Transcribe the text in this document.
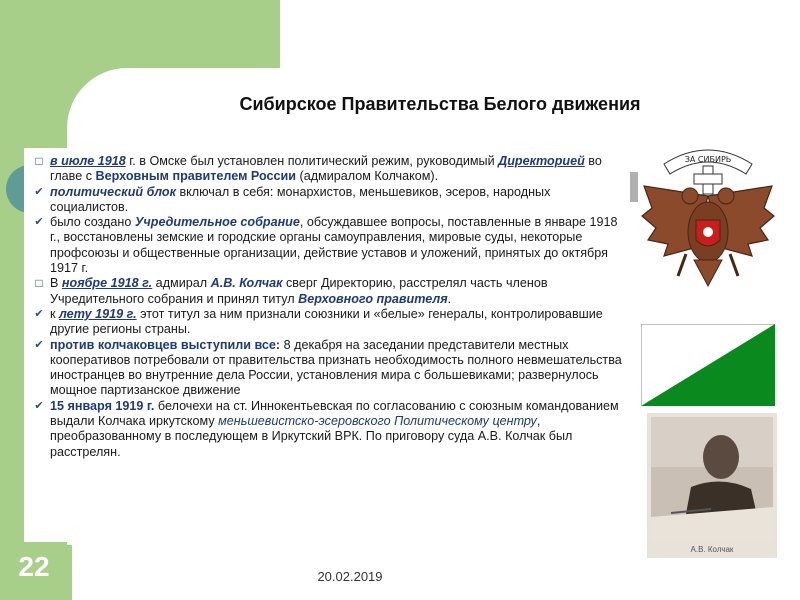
22
Сибирское Правительства Белого движения
□ в июле 1918 г. в Омске был установлен политический режим, руководимый Директорией во главе с Верховным правителем России (адмиралом Колчаком).
✔ политический блок включал в себя: монархистов, меньшевиков, эсеров, народных социалистов.
✔ было создано Учредительное собрание, обсуждавшее вопросы, поставленные в январе 1918 г., восстановлены земские и городские органы самоуправления, мировые суды, некоторые профсоюзы и общественные организации, действие уставов и уложений, принятых до октября 1917 г.
□ В ноябре 1918 г. адмирал А.В. Колчак сверг Директорию, расстрелял часть членов Учредительного собрания и принял титул Верховного правителя.
✔ к лету 1919 г. этот титул за ним признали союзники и «белые» генералы, контролировавшие другие регионы страны.
✔ против колчаковцев выступили все: 8 декабря на заседании представители местных кооперативов потребовали от правительства признать необходимость полного невмешательства иностранцев во внутренние дела России, установления мира с большевиками; развернулось мощное партизанское движение
✔ 15 января 1919 г. белочехи на ст. Иннокентьевская по согласованию с союзным командованием выдали Колчака иркутскому меньшевистско-эсеровского Политическому центру, преобразованному в последующем в Иркутский ВРК. По приговору суда А.В. Колчак был расстрелян.
20.02.2019
ЗА СИБИРЬ
А.В. Колчак
